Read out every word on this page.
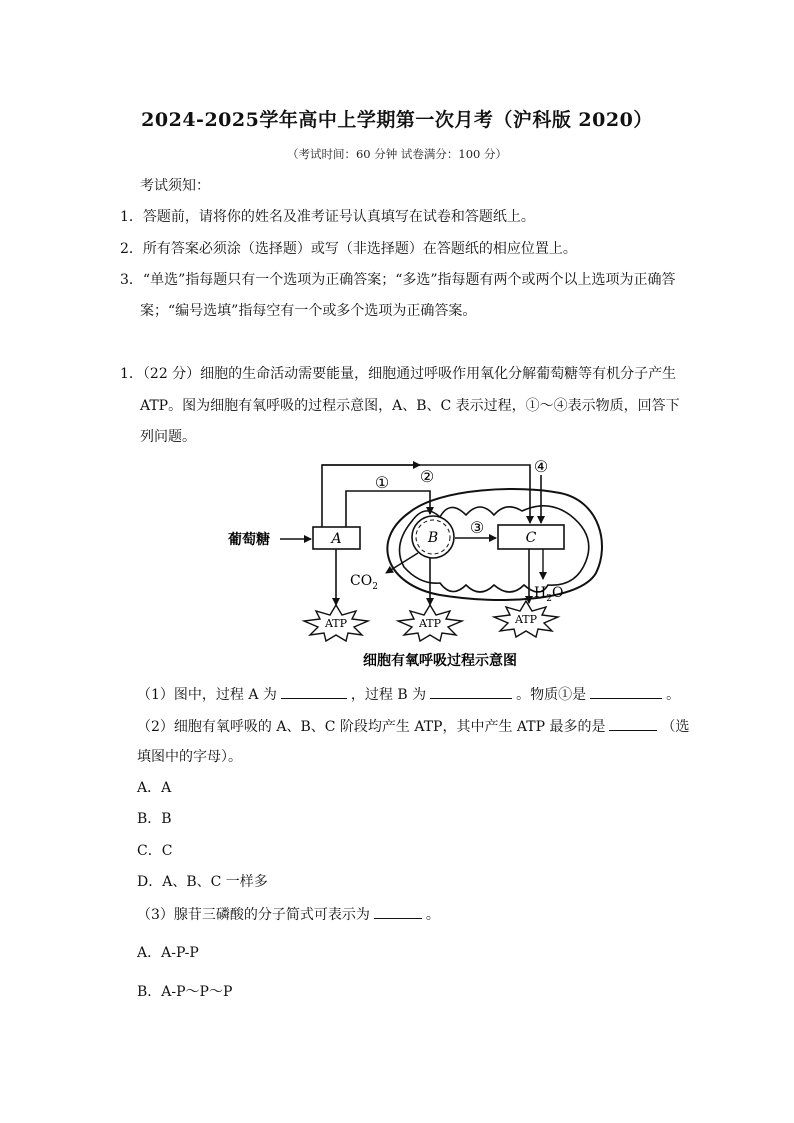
2024-2025学年高中上学期第一次月考（沪科版 2020）
（考试时间：60 分钟 试卷满分：100 分）
考试须知：
1．答题前，请将你的姓名及准考证号认真填写在试卷和答题纸上。
2．所有答案必须涂（选择题）或写（非选择题）在答题纸的相应位置上。
3．“单选”指每题只有一个选项为正确答案；“多选”指每题有两个或两个以上选项为正确答
案；“编号选填”指每空有一个或多个选项为正确答案。
1．（22 分）细胞的生命活动需要能量，细胞通过呼吸作用氧化分解葡萄糖等有机分子产生
ATP。图为细胞有氧呼吸的过程示意图，A、B、C 表示过程，①～④表示物质，回答下
列问题。
A	B	C
葡萄糖
① ②
③
④
$CO_2$	$H_2O$
ATP	ATP	ATP
细胞有氧呼吸过程示意图
（1）图中，过程 A 为	，过程 B 为	。物质①是	。
（2）细胞有氧呼吸的 A、B、C 阶段均产生 ATP，其中产生 ATP 最多的是	（选
填图中的字母）。
A．A
B．B
C．C
D．A、B、C 一样多
（3）腺苷三磷酸的分子简式可表示为	。
A．A-P-P
B．A-P～P～P
